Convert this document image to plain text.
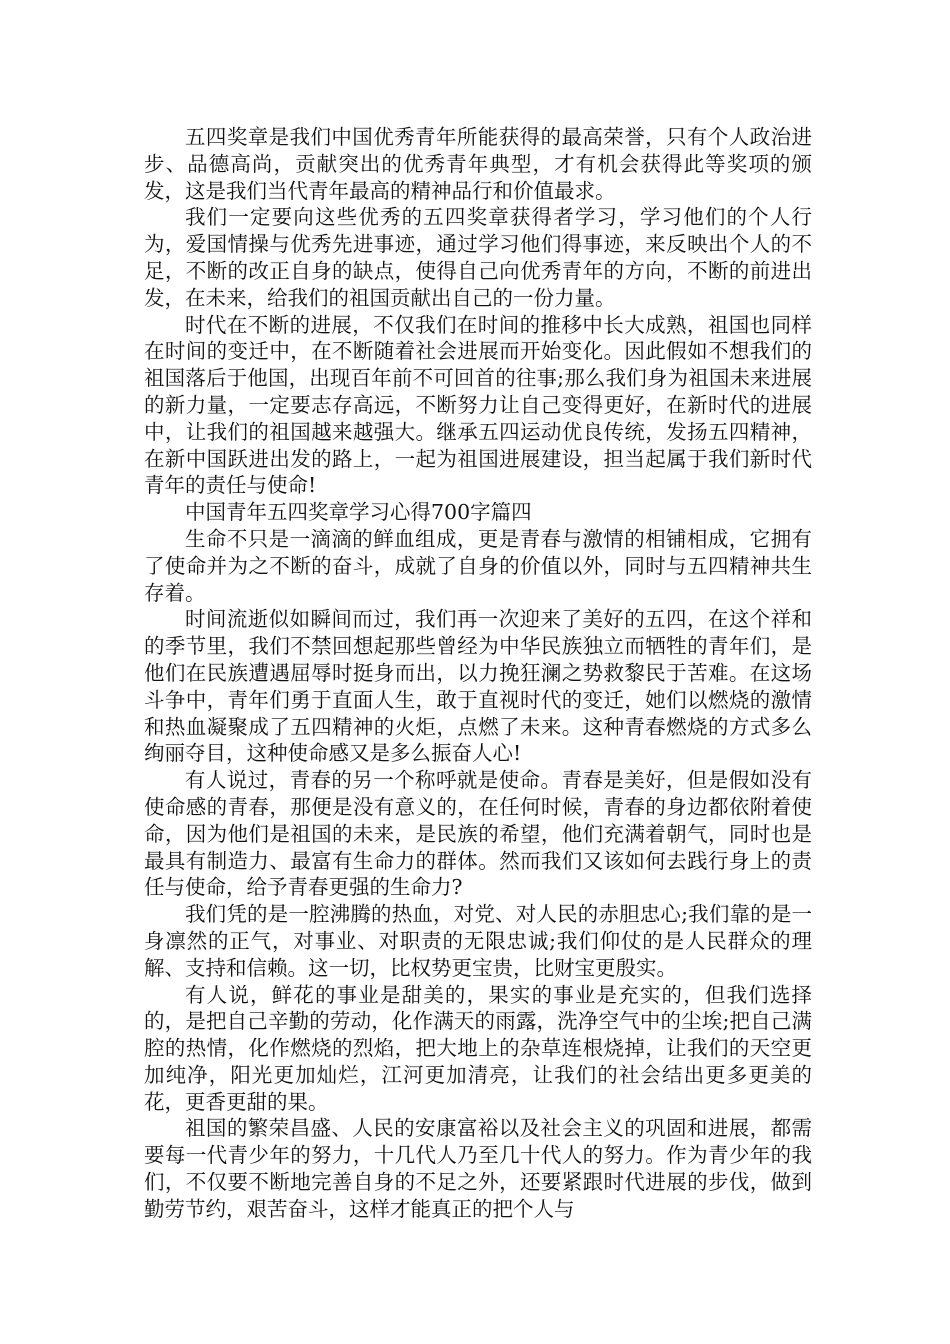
五四奖章是我们中国优秀青年所能获得的最高荣誉，只有个人政治进步、品德高尚，贡献突出的优秀青年典型，才有机会获得此等奖项的颁发，这是我们当代青年最高的精神品行和价值最求。

我们一定要向这些优秀的五四奖章获得者学习，学习他们的个人行为，爱国情操与优秀先进事迹，通过学习他们得事迹，来反映出个人的不足，不断的改正自身的缺点，使得自己向优秀青年的方向，不断的前进出发，在未来，给我们的祖国贡献出自己的一份力量。

时代在不断的进展，不仅我们在时间的推移中长大成熟，祖国也同样在时间的变迁中，在不断随着社会进展而开始变化。因此假如不想我们的祖国落后于他国，出现百年前不可回首的往事;那么我们身为祖国未来进展的新力量，一定要志存高远，不断努力让自己变得更好，在新时代的进展中，让我们的祖国越来越强大。继承五四运动优良传统，发扬五四精神，在新中国跃进出发的路上，一起为祖国进展建设，担当起属于我们新时代青年的责任与使命!

中国青年五四奖章学习心得700字篇四

生命不只是一滴滴的鲜血组成，更是青春与激情的相铺相成，它拥有了使命并为之不断的奋斗，成就了自身的价值以外，同时与五四精神共生存着。

时间流逝似如瞬间而过，我们再一次迎来了美好的五四，在这个祥和的季节里，我们不禁回想起那些曾经为中华民族独立而牺牲的青年们，是他们在民族遭遇屈辱时挺身而出，以力挽狂澜之势救黎民于苦难。在这场斗争中，青年们勇于直面人生，敢于直视时代的变迁，她们以燃烧的激情和热血凝聚成了五四精神的火炬，点燃了未来。这种青春燃烧的方式多么绚丽夺目，这种使命感又是多么振奋人心!

有人说过，青春的另一个称呼就是使命。青春是美好，但是假如没有使命感的青春，那便是没有意义的，在任何时候，青春的身边都依附着使命，因为他们是祖国的未来，是民族的希望，他们充满着朝气，同时也是最具有制造力、最富有生命力的群体。然而我们又该如何去践行身上的责任与使命，给予青春更强的生命力?

我们凭的是一腔沸腾的热血，对党、对人民的赤胆忠心;我们靠的是一身凛然的正气，对事业、对职责的无限忠诚;我们仰仗的是人民群众的理解、支持和信赖。这一切，比权势更宝贵，比财宝更殷实。

有人说，鲜花的事业是甜美的，果实的事业是充实的，但我们选择的，是把自己辛勤的劳动，化作满天的雨露，洗净空气中的尘埃;把自己满腔的热情，化作燃烧的烈焰，把大地上的杂草连根烧掉，让我们的天空更加纯净，阳光更加灿烂，江河更加清亮，让我们的社会结出更多更美的花，更香更甜的果。

祖国的繁荣昌盛、人民的安康富裕以及社会主义的巩固和进展，都需要每一代青少年的努力，十几代人乃至几十代人的努力。作为青少年的我们，不仅要不断地完善自身的不足之外，还要紧跟时代进展的步伐，做到勤劳节约，艰苦奋斗，这样才能真正的把个人与
